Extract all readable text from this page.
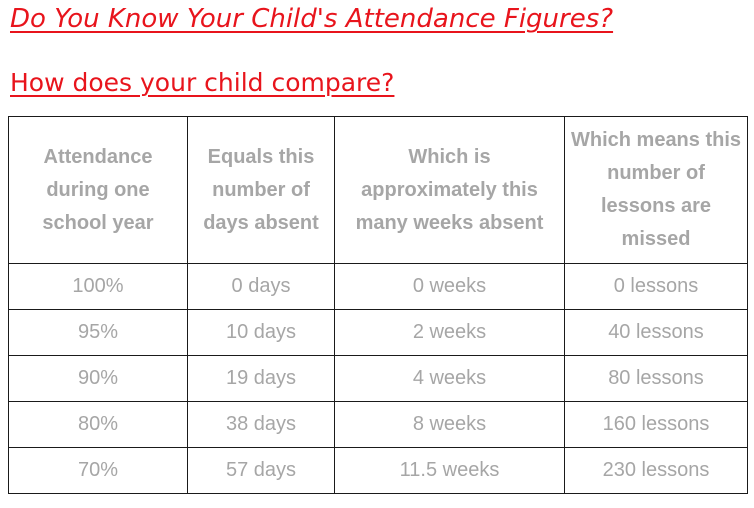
Do You Know Your Child's Attendance Figures?
How does your child compare?
Attendance during one school year	Equals this number of days absent	Which is approximately this many weeks absent	Which means this number of lessons are missed

100%	0 days	0 weeks	0 lessons
95%	10 days	2 weeks	40 lessons
90%	19 days	4 weeks	80 lessons
80%	38 days	8 weeks	160 lessons
70%	57 days	11.5 weeks	230 lessons
